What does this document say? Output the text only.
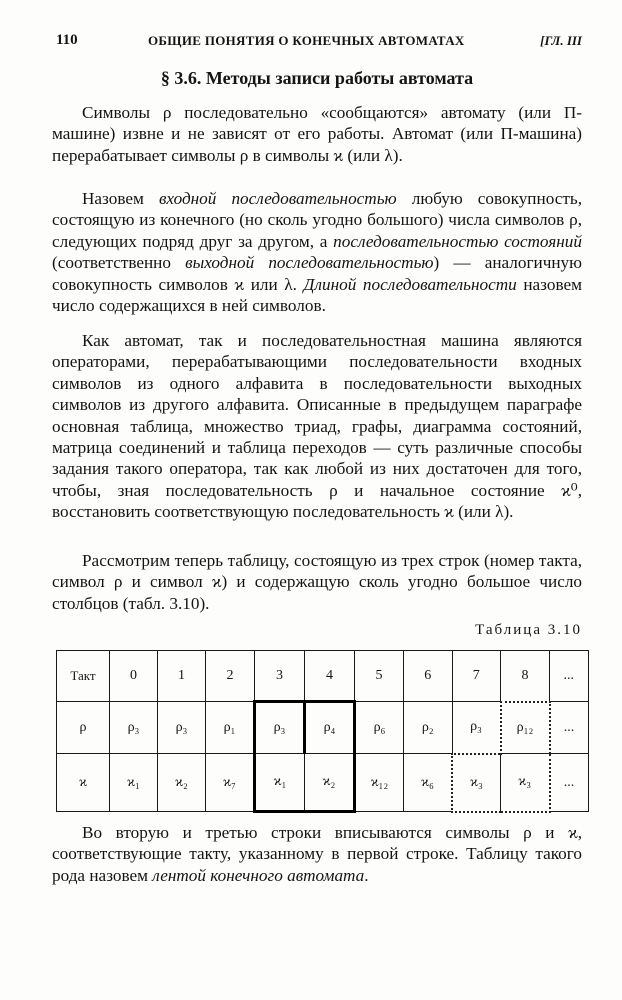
110	ОБЩИЕ ПОНЯТИЯ О КОНЕЧНЫХ АВТОМАТАХ	[ГЛ. III
§ 3.6. Методы записи работы автомата

Символы ρ последовательно «сообщаются» автомату (или П-машине) извне и не зависят от его работы. Автомат (или П-машина) перерабатывает символы ρ в символы ϰ (или λ).

Назовем входной последовательностью любую совокупность, состоящую из конечного (но сколь угодно большого) числа символов ρ, следующих подряд друг за другом, а последовательностью состояний (соответственно выходной последовательностью) — аналогичную совокупность символов ϰ или λ. Длиной последовательности назовем число содержащихся в ней символов.

Как автомат, так и последовательностная машина являются операторами, перерабатывающими последовательности входных символов из одного алфавита в последовательности выходных символов из другого алфавита. Описанные в предыдущем параграфе основная таблица, множество триад, графы, диаграмма состояний, матрица соединений и таблица переходов — суть различные способы задания такого оператора, так как любой из них достаточен для того, чтобы, зная последовательность ρ и начальное состояние ϰ⁰, восстановить соответствующую последовательность ϰ (или λ).

Рассмотрим теперь таблицу, состоящую из трех строк (номер такта, символ ρ и символ ϰ) и содержащую сколь угодно большое число столбцов (табл. 3.10).

Таблица 3.10
Такт	0	1	2	3	4	5	6	7	8	...
ρ	ρ₃	ρ₃	ρ₁	ρ₃	ρ₄	ρ₆	ρ₂	ρ₃	ρ₁₂	...
ϰ	ϰ₁	ϰ₂	ϰ₇	ϰ₁	ϰ₂	ϰ₁₂	ϰ₆	ϰ₃	ϰ₃	...

Во вторую и третью строки вписываются символы ρ и ϰ, соответствующие такту, указанному в первой строке. Таблицу такого рода назовем лентой конечного автомата.
